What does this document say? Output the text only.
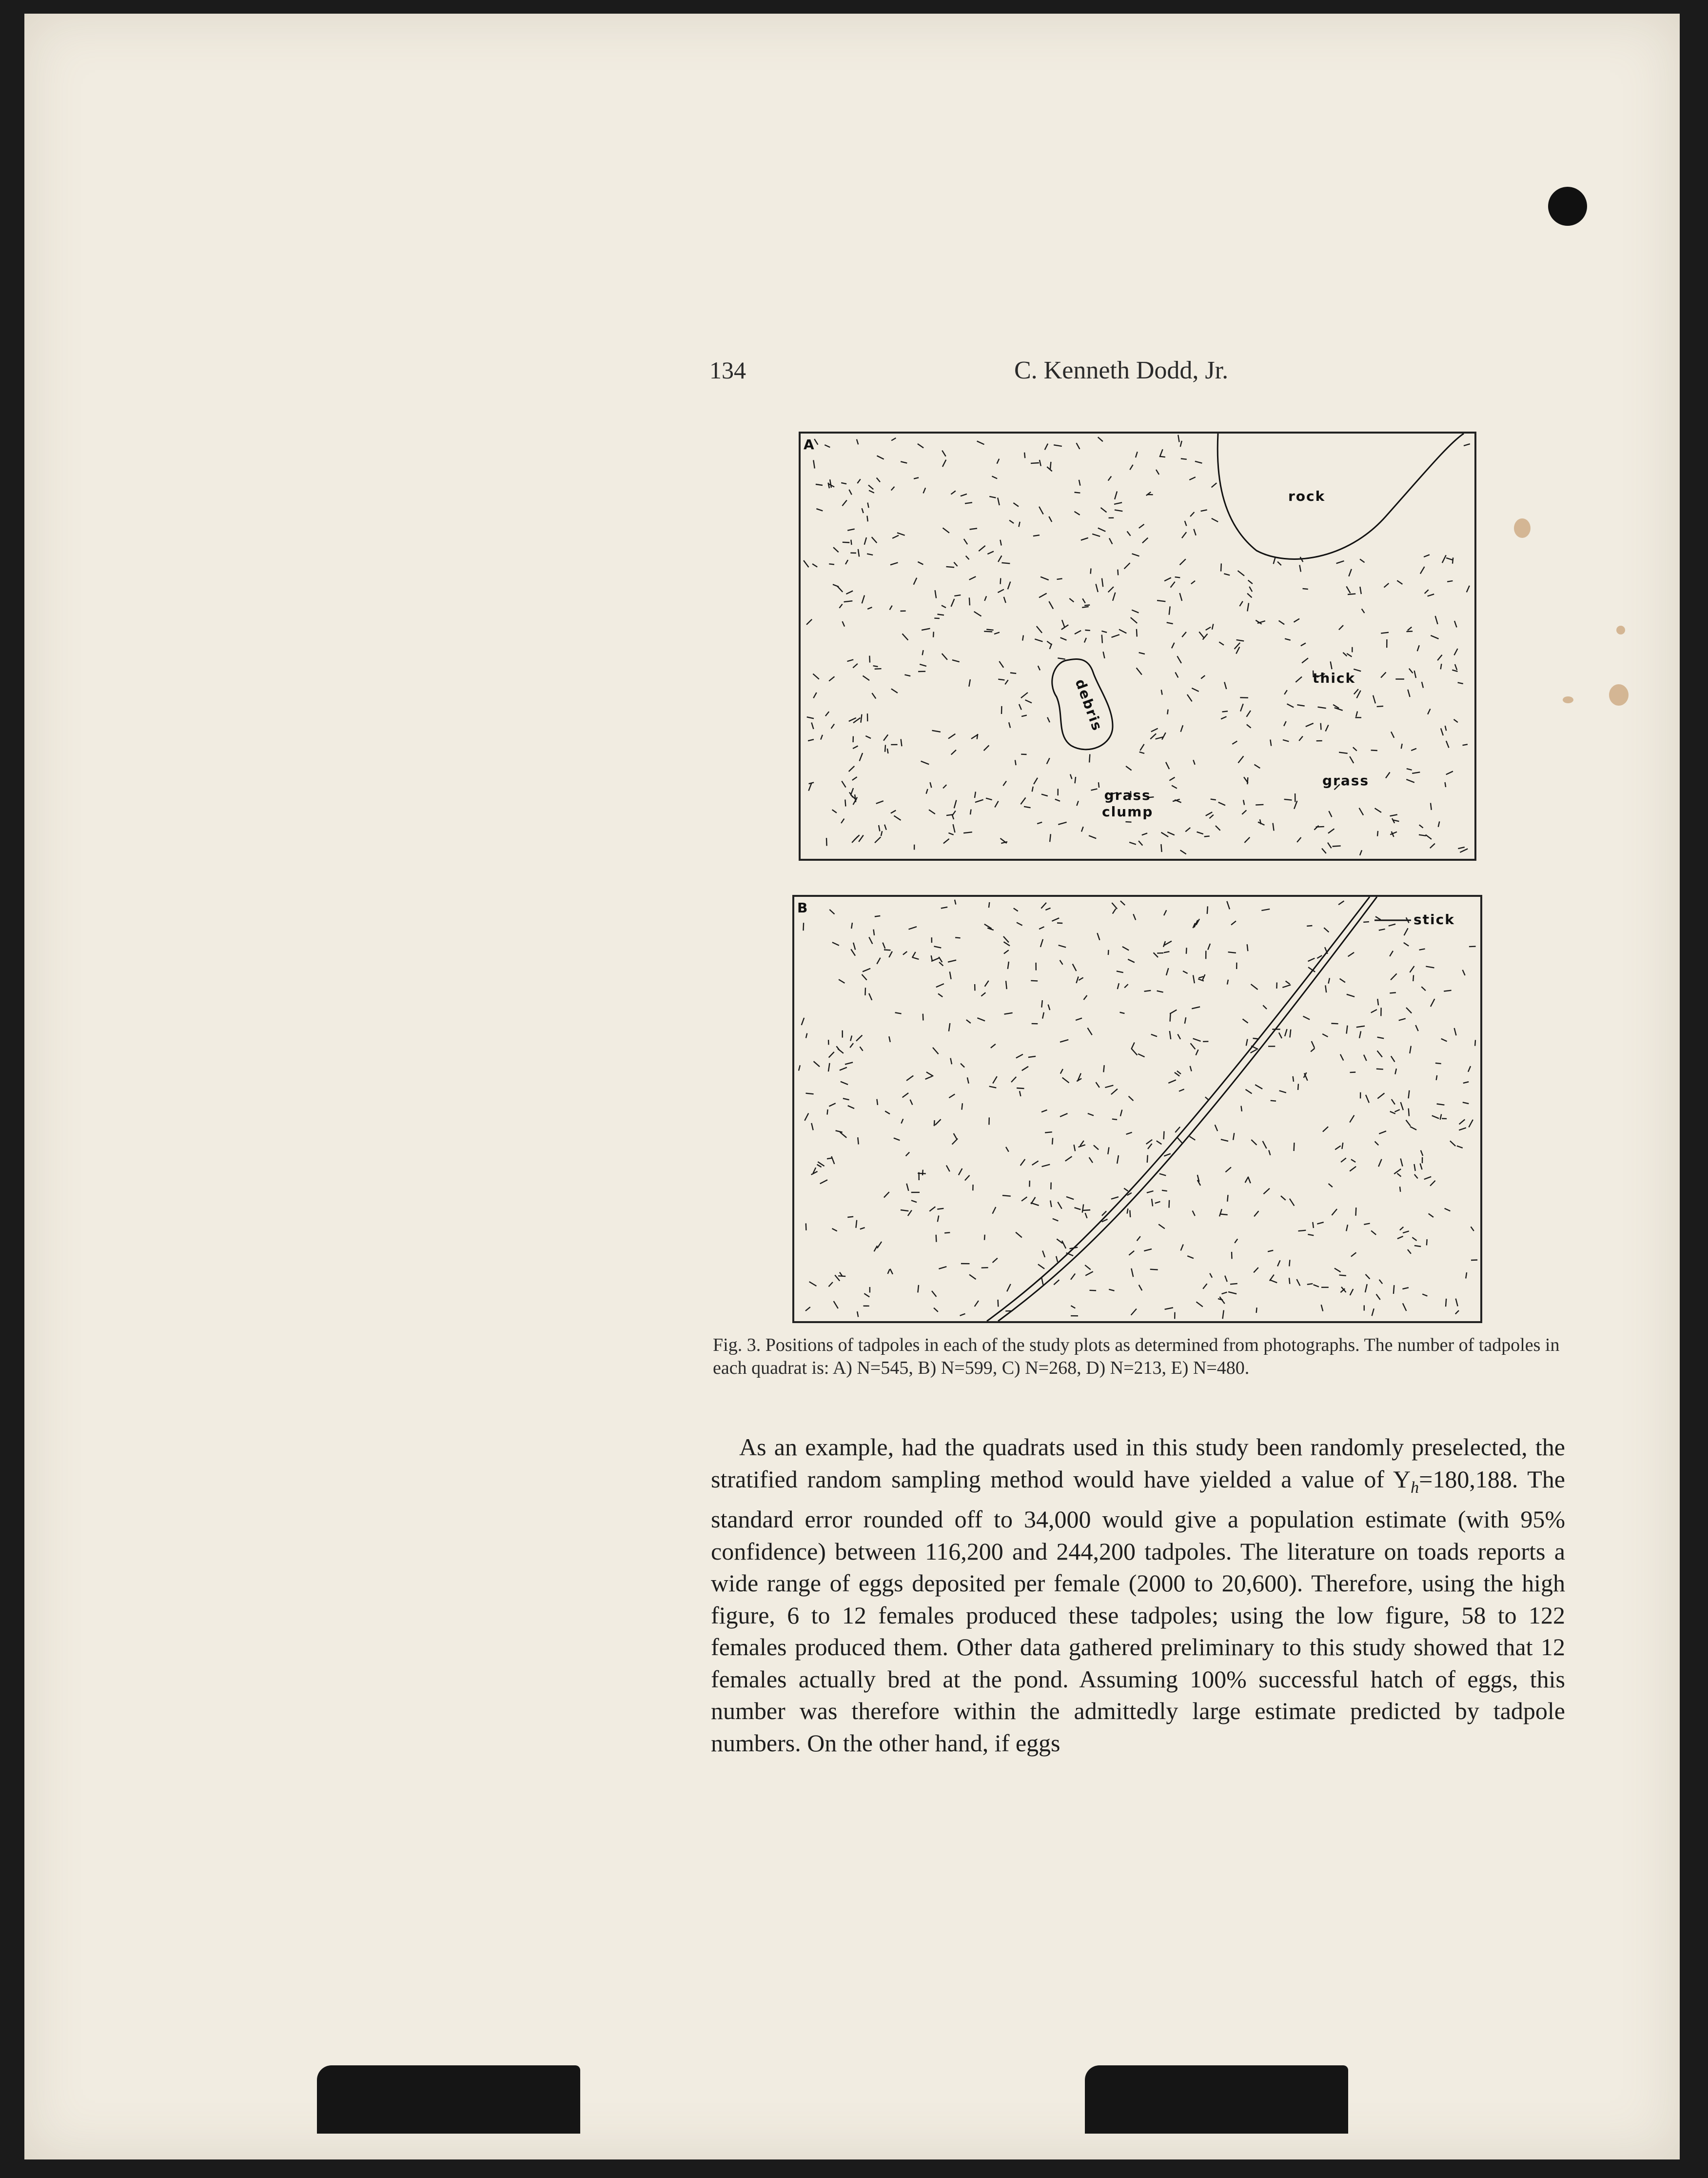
134	C. Kenneth Dodd, Jr.
A
rock
debris	thick
grass
grass
clump
B
stick
Fig. 3. Positions of tadpoles in each of the study plots as determined from photographs. The number of tadpoles in each quadrat is: A) N=545, B) N=599, C) N=268, D) N=213, E) N=480.

As an example, had the quadrats used in this study been randomly preselected, the stratified random sampling method would have yielded a value of $Y_h=180,188$. The standard error rounded off to 34,000 would give a population estimate (with 95% confidence) between 116,200 and 244,200 tadpoles. The literature on toads reports a wide range of eggs deposited per female (2000 to 20,600). Therefore, using the high figure, 6 to 12 females produced these tadpoles; using the low figure, 58 to 122 females produced them. Other data gathered preliminary to this study showed that 12 females actually bred at the pond. Assuming 100% successful hatch of eggs, this number was therefore within the admittedly large estimate predicted by tadpole numbers. On the other hand, if eggs
